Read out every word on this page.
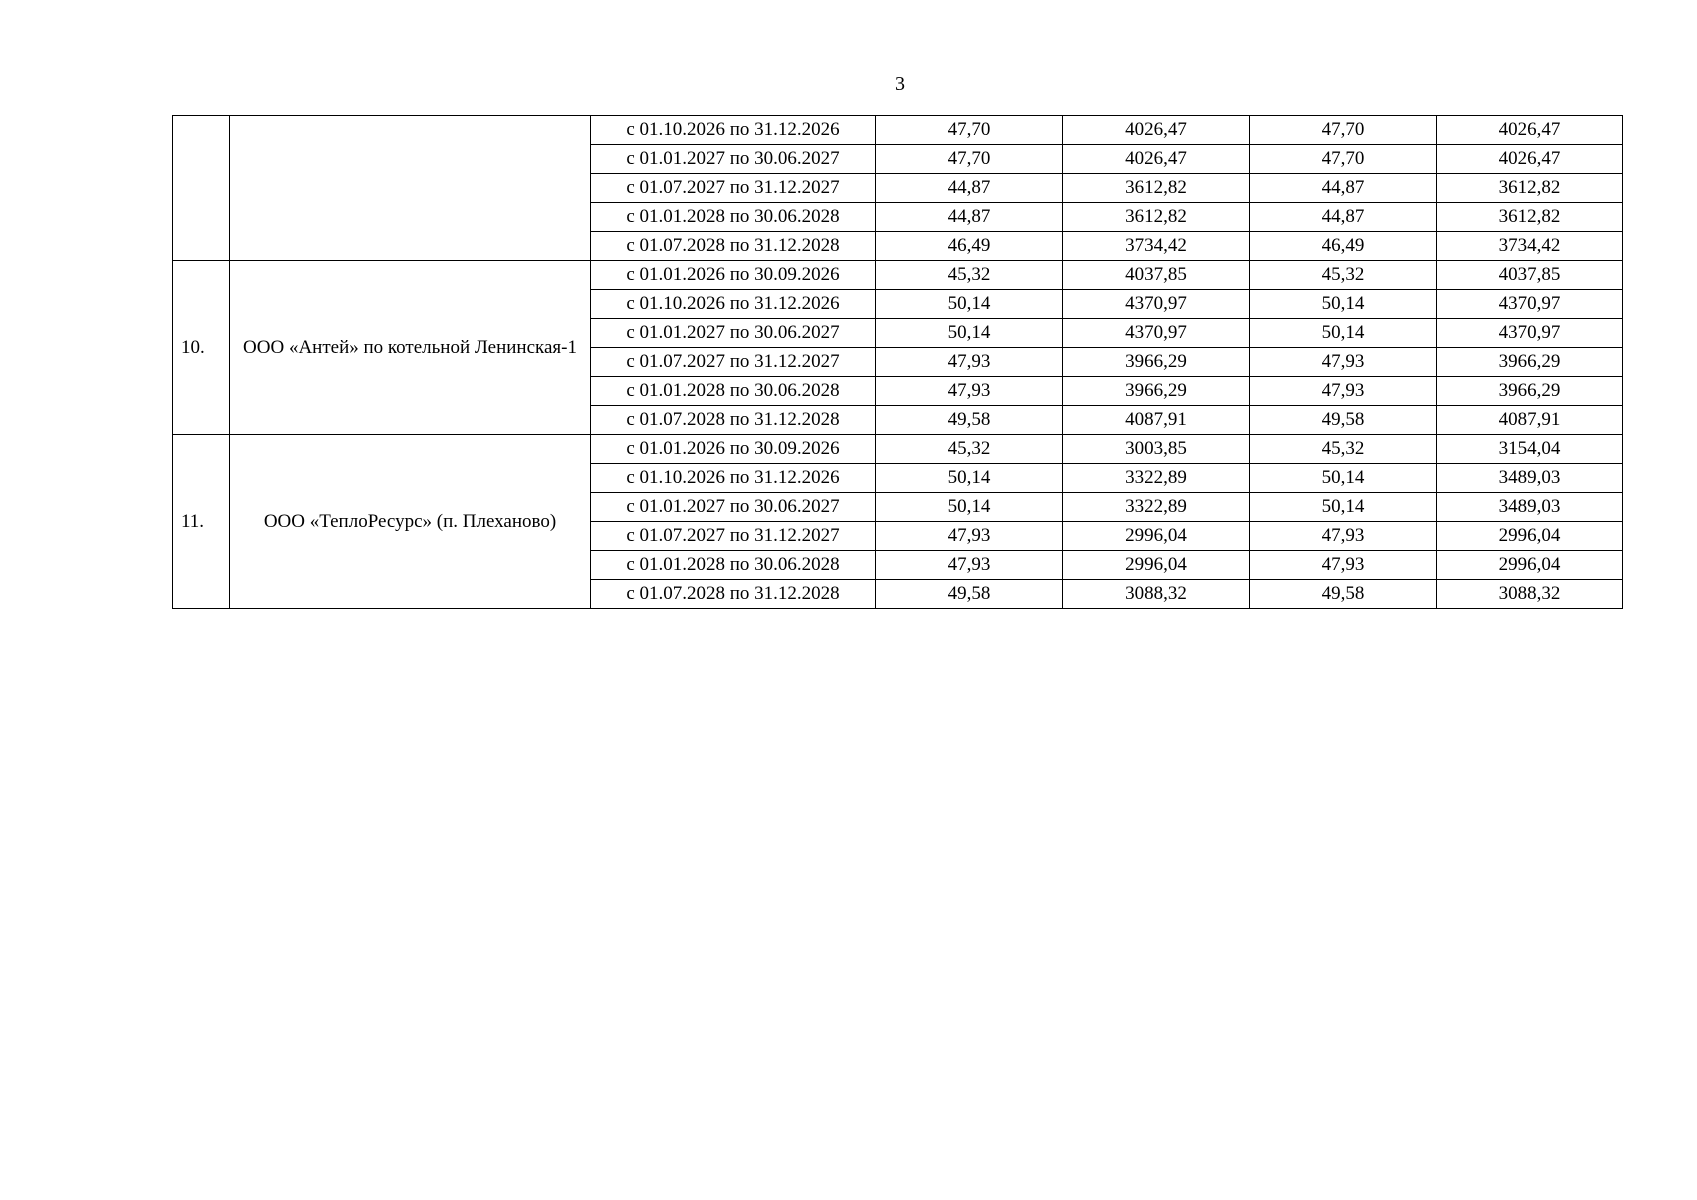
3
		с 01.10.2026 по 31.12.2026	47,70	4026,47	47,70	4026,47
		с 01.01.2027 по 30.06.2027	47,70	4026,47	47,70	4026,47
		с 01.07.2027 по 31.12.2027	44,87	3612,82	44,87	3612,82
		с 01.01.2028 по 30.06.2028	44,87	3612,82	44,87	3612,82
		с 01.07.2028 по 31.12.2028	46,49	3734,42	46,49	3734,42
10.	ООО «Антей» по котельной Ленинская-1	с 01.01.2026 по 30.09.2026	45,32	4037,85	45,32	4037,85
		с 01.10.2026 по 31.12.2026	50,14	4370,97	50,14	4370,97
		с 01.01.2027 по 30.06.2027	50,14	4370,97	50,14	4370,97
		с 01.07.2027 по 31.12.2027	47,93	3966,29	47,93	3966,29
		с 01.01.2028 по 30.06.2028	47,93	3966,29	47,93	3966,29
		с 01.07.2028 по 31.12.2028	49,58	4087,91	49,58	4087,91
11.	ООО «ТеплоРесурс» (п. Плеханово)	с 01.01.2026 по 30.09.2026	45,32	3003,85	45,32	3154,04
		с 01.10.2026 по 31.12.2026	50,14	3322,89	50,14	3489,03
		с 01.01.2027 по 30.06.2027	50,14	3322,89	50,14	3489,03
		с 01.07.2027 по 31.12.2027	47,93	2996,04	47,93	2996,04
		с 01.01.2028 по 30.06.2028	47,93	2996,04	47,93	2996,04
		с 01.07.2028 по 31.12.2028	49,58	3088,32	49,58	3088,32
